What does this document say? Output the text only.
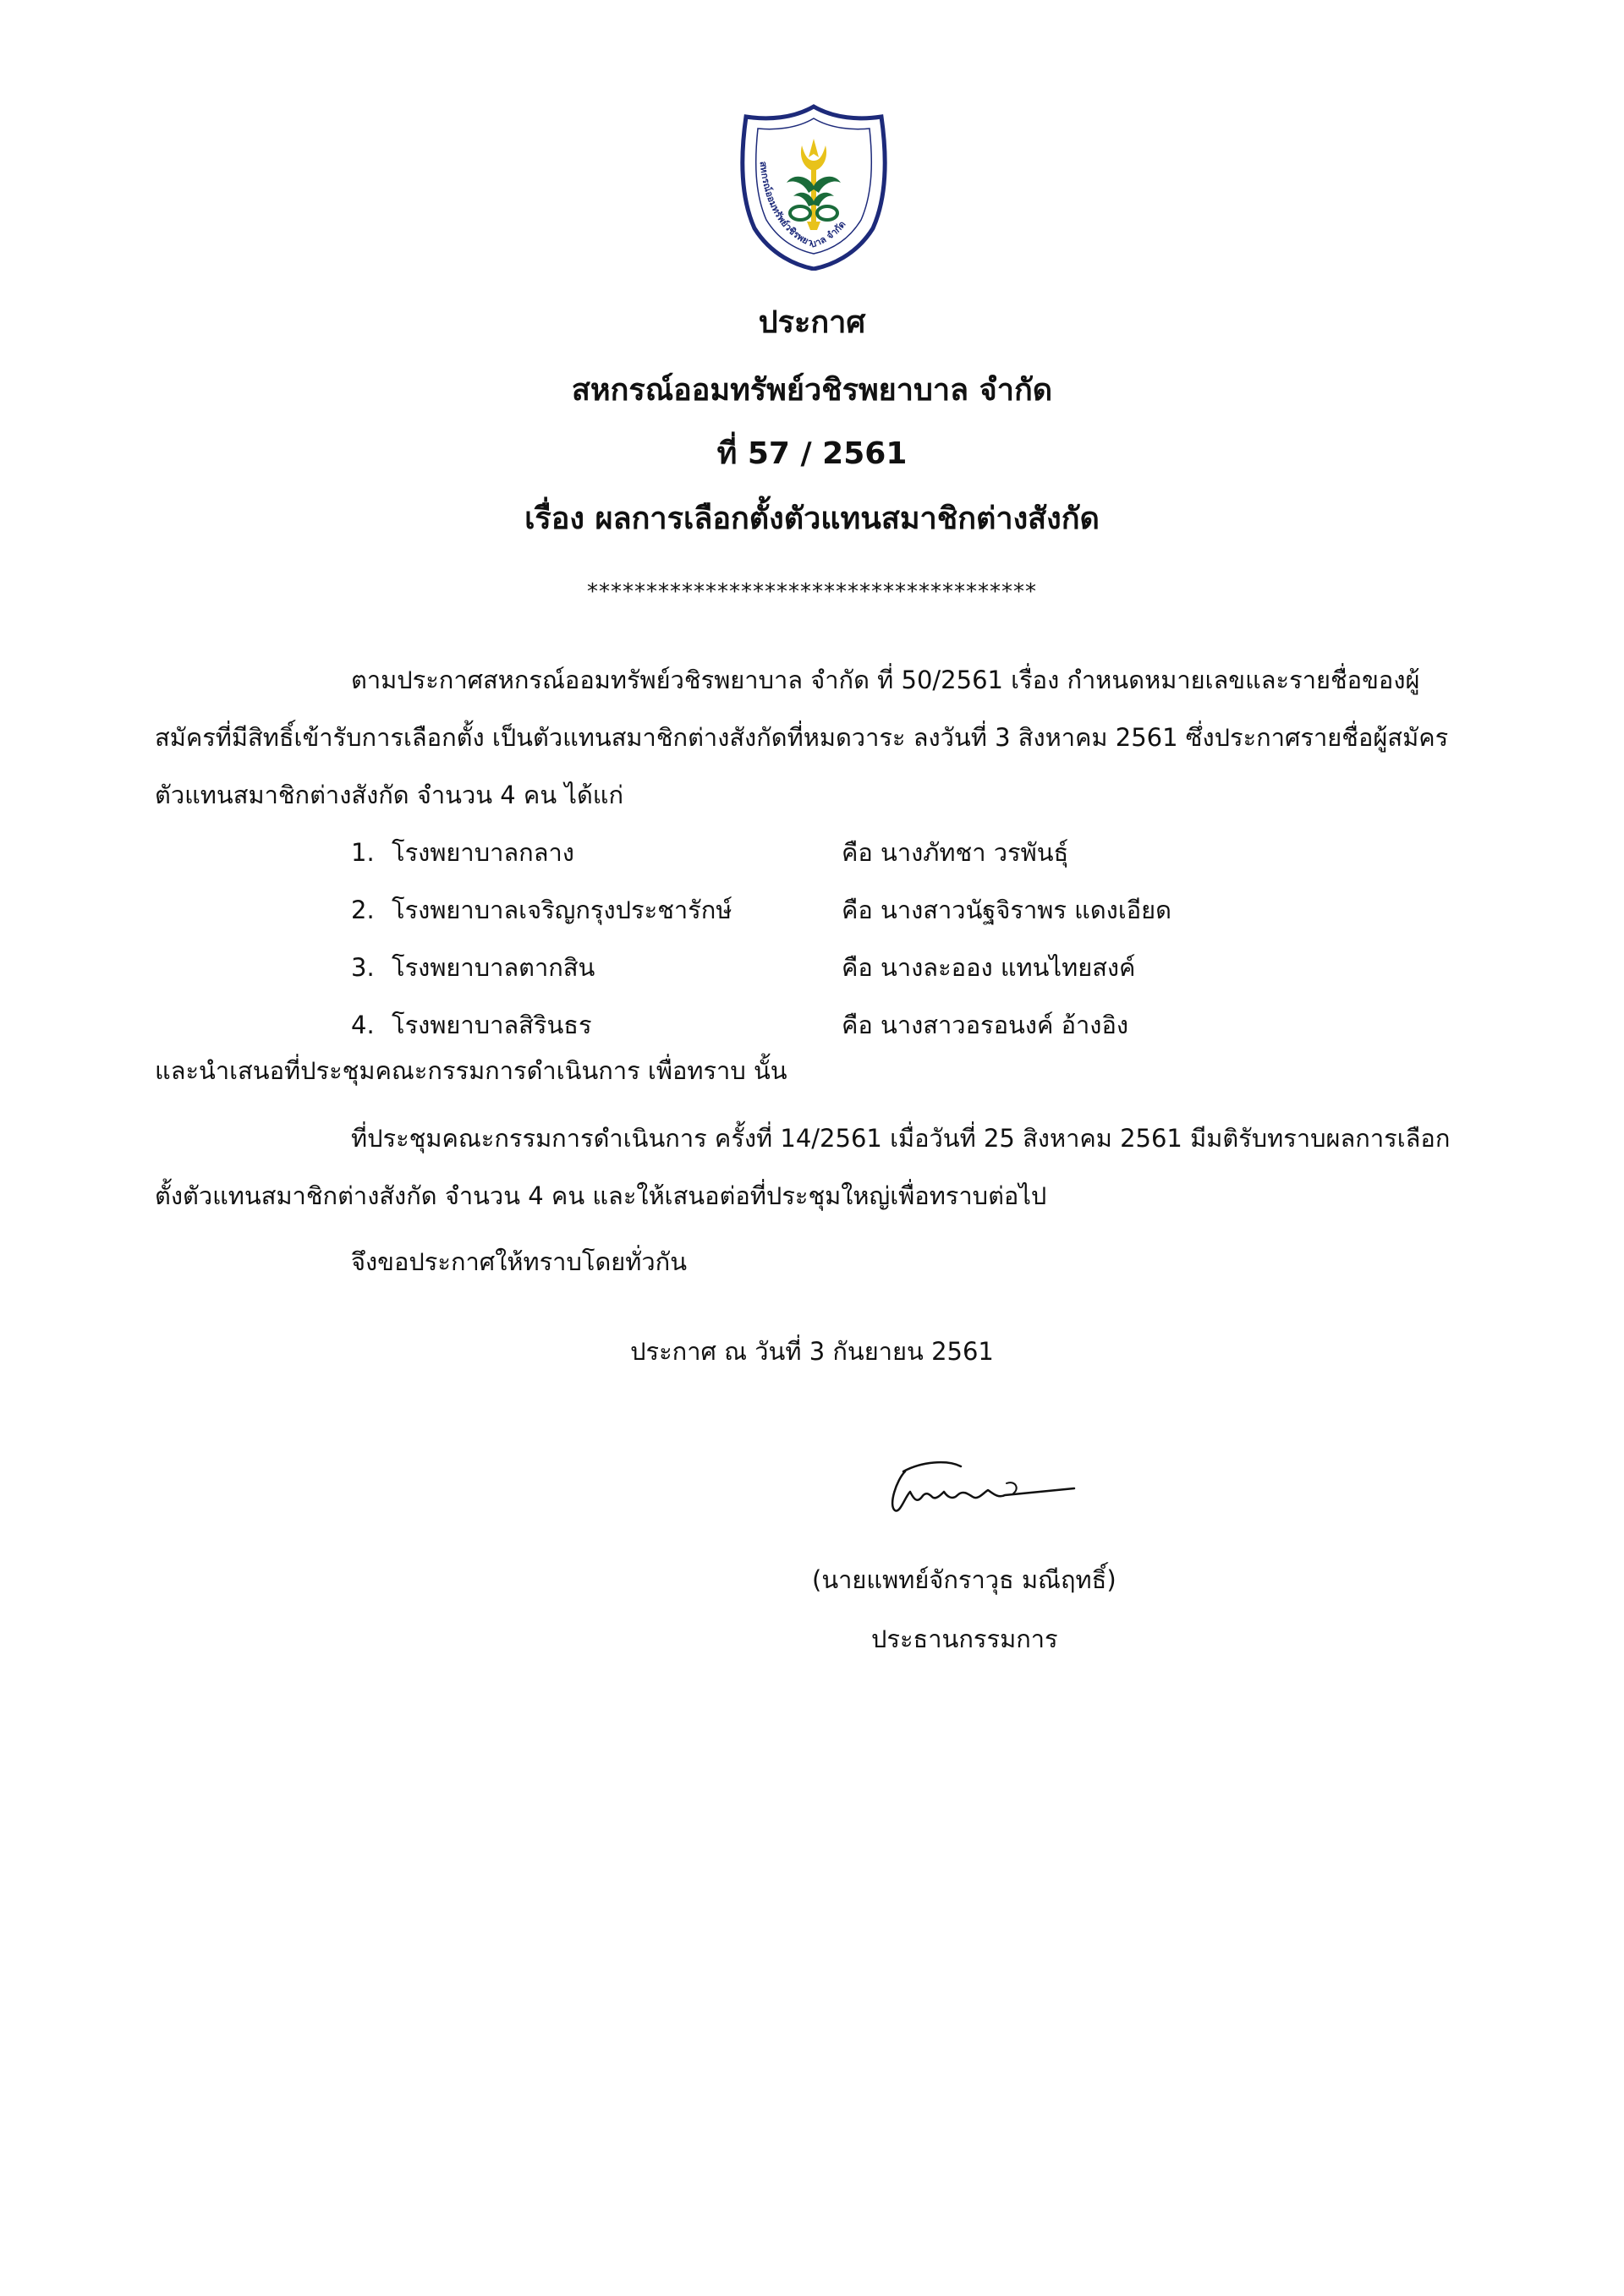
สหกรณ์ออมทรัพย์วชิรพยาบาล จำกัด
ประกาศ
สหกรณ์ออมทรัพย์วชิรพยาบาล จำกัด
ที่ 57 / 2561
เรื่อง ผลการเลือกตั้งตัวแทนสมาชิกต่างสังกัด
**************************************
ตามประกาศสหกรณ์ออมทรัพย์วชิรพยาบาล จำกัด ที่ 50/2561 เรื่อง กำหนดหมายเลขและรายชื่อของผู้สมัครที่มีสิทธิ์เข้ารับการเลือกตั้ง เป็นตัวแทนสมาชิกต่างสังกัดที่หมดวาระ ลงวันที่ 3 สิงหาคม 2561 ซึ่งประกาศรายชื่อผู้สมัครตัวแทนสมาชิกต่างสังกัด จำนวน 4 คน ได้แก่
1. โรงพยาบาลกลาง	คือ นางภัทชา วรพันธุ์
2. โรงพยาบาลเจริญกรุงประชารักษ์	คือ นางสาวนัฐจิราพร แดงเอียด
3. โรงพยาบาลตากสิน	คือ นางละออง แทนไทยสงค์
4. โรงพยาบาลสิรินธร	คือ นางสาวอรอนงค์ อ้างอิง
และนำเสนอที่ประชุมคณะกรรมการดำเนินการ เพื่อทราบ นั้น
ที่ประชุมคณะกรรมการดำเนินการ ครั้งที่ 14/2561 เมื่อวันที่ 25 สิงหาคม 2561 มีมติรับทราบผลการเลือกตั้งตัวแทนสมาชิกต่างสังกัด จำนวน 4 คน และให้เสนอต่อที่ประชุมใหญ่เพื่อทราบต่อไป
จึงขอประกาศให้ทราบโดยทั่วกัน
ประกาศ ณ วันที่ 3 กันยายน 2561
(นายแพทย์จักราวุธ มณีฤทธิ์)
ประธานกรรมการ
